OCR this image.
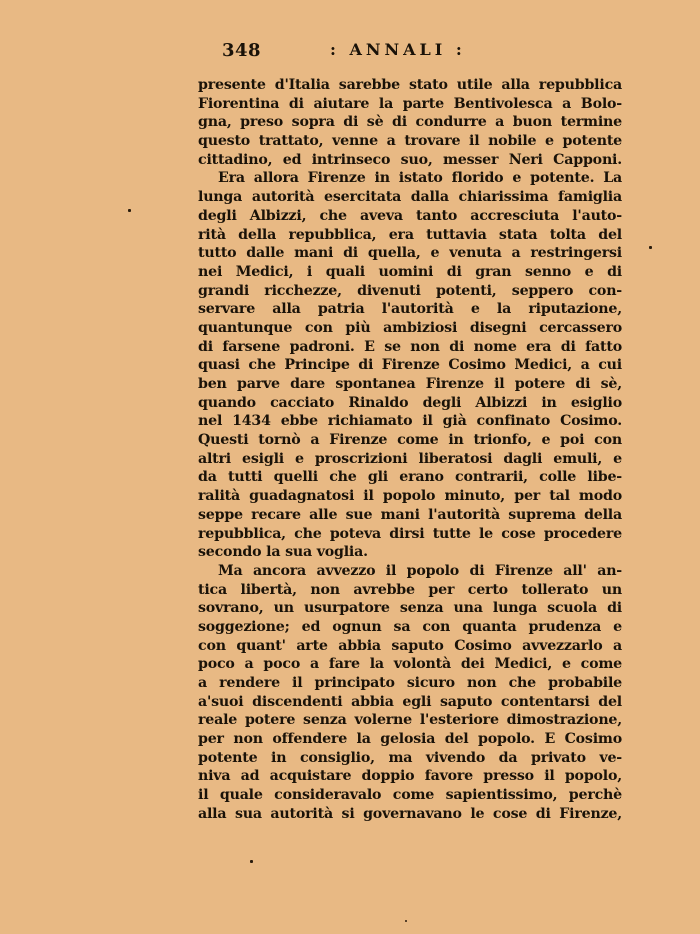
348	: ANNALI :
presente d'Italia sarebbe stato utile alla repubblica
Fiorentina di aiutare la parte Bentivolesca a Bolo-
gna, preso sopra di sè di condurre a buon termine
questo trattato, venne a trovare il nobile e potente
cittadino, ed intrinseco suo, messer Neri Capponi.
Era allora Firenze in istato florido e potente. La
lunga autorità esercitata dalla chiarissima famiglia
degli Albizzi, che aveva tanto accresciuta l'auto-
rità della repubblica, era tuttavia stata tolta del
tutto dalle mani di quella, e venuta a restringersi
nei Medici, i quali uomini di gran senno e di
grandi ricchezze, divenuti potenti, seppero con-
servare alla patria l'autorità e la riputazione,
quantunque con più ambiziosi disegni cercassero
di farsene padroni. E se non di nome era di fatto
quasi che Principe di Firenze Cosimo Medici, a cui
ben parve dare spontanea Firenze il potere di sè,
quando cacciato Rinaldo degli Albizzi in esiglio
nel 1434 ebbe richiamato il già confinato Cosimo.
Questi tornò a Firenze come in trionfo, e poi con
altri esigli e proscrizioni liberatosi dagli emuli, e
da tutti quelli che gli erano contrarii, colle libe-
ralità guadagnatosi il popolo minuto, per tal modo
seppe recare alle sue mani l'autorità suprema della
repubblica, che poteva dirsi tutte le cose procedere
secondo la sua voglia.
Ma ancora avvezzo il popolo di Firenze all' an-
tica libertà, non avrebbe per certo tollerato un
sovrano, un usurpatore senza una lunga scuola di
soggezione; ed ognun sa con quanta prudenza e
con quant' arte abbia saputo Cosimo avvezzarlo a
poco a poco a fare la volontà dei Medici, e come
a rendere il principato sicuro non che probabile
a'suoi discendenti abbia egli saputo contentarsi del
reale potere senza volerne l'esteriore dimostrazione,
per non offendere la gelosia del popolo. E Cosimo
potente in consiglio, ma vivendo da privato ve-
niva ad acquistare doppio favore presso il popolo,
il quale consideravalo come sapientissimo, perchè
alla sua autorità si governavano le cose di Firenze,
